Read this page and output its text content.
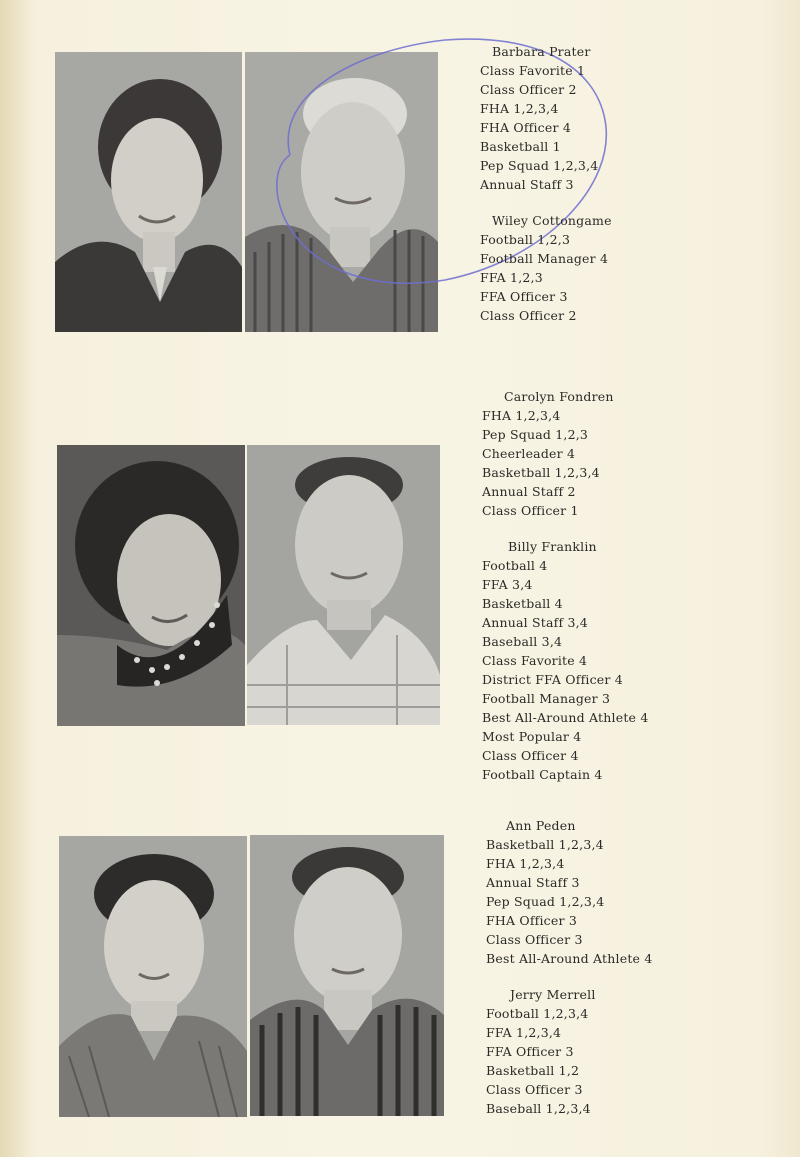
Barbara Prater
Class Favorite 1
Class Officer 2
FHA 1,2,3,4
FHA Officer 4
Basketball 1
Pep Squad 1,2,3,4
Annual Staff 3
Wiley Cottongame
Football 1,2,3
Football Manager 4
FFA 1,2,3
FFA Officer 3
Class Officer 2
Carolyn Fondren
FHA 1,2,3,4
Pep Squad 1,2,3
Cheerleader 4
Basketball 1,2,3,4
Annual Staff 2
Class Officer 1
Billy Franklin
Football 4
FFA 3,4
Basketball 4
Annual Staff 3,4
Baseball 3,4
Class Favorite 4
District FFA Officer 4
Football Manager 3
Best All-Around Athlete 4
Most Popular 4
Class Officer 4
Football Captain 4
Ann Peden
Basketball 1,2,3,4
FHA 1,2,3,4
Annual Staff 3
Pep Squad 1,2,3,4
FHA Officer 3
Class Officer 3
Best All-Around Athlete 4
Jerry Merrell
Football 1,2,3,4
FFA 1,2,3,4
FFA Officer 3
Basketball 1,2
Class Officer 3
Baseball 1,2,3,4
